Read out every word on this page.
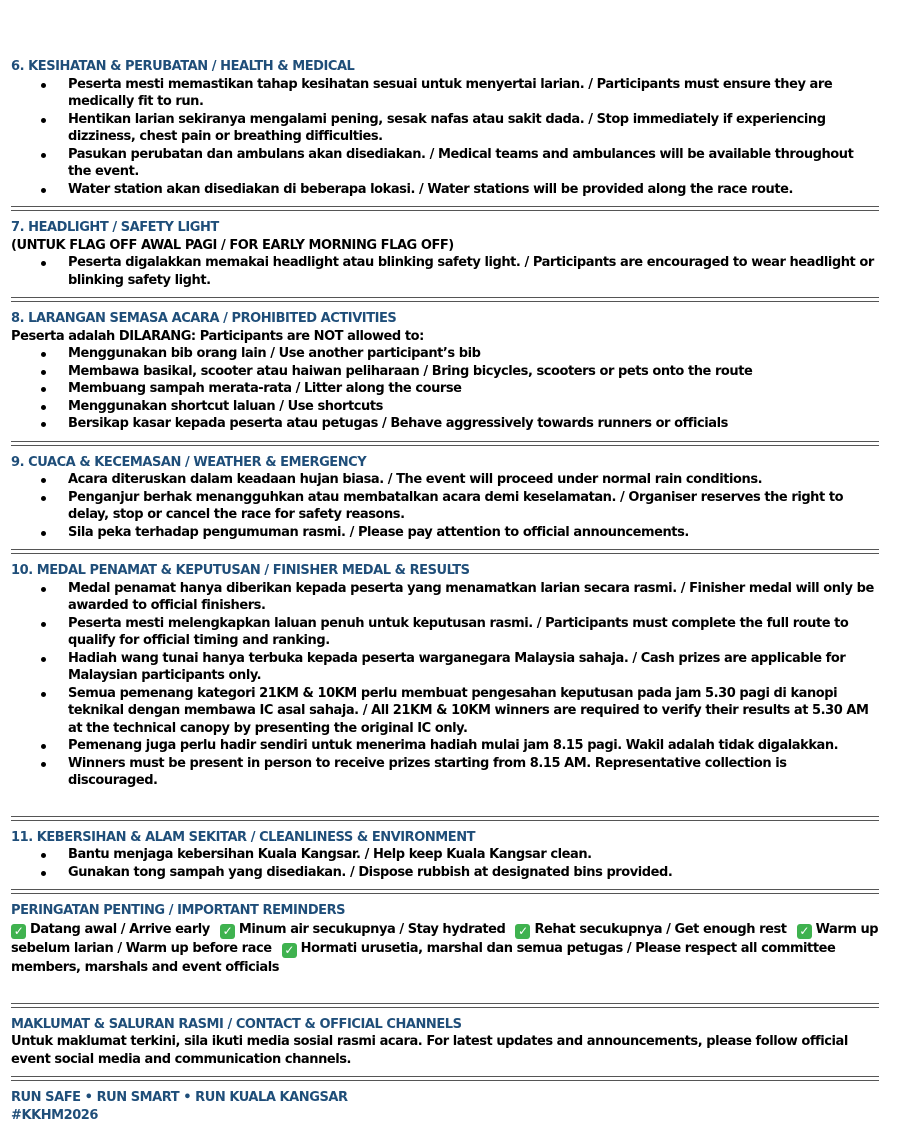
6. KESIHATAN & PERUBATAN / HEALTH & MEDICAL
Peserta mesti memastikan tahap kesihatan sesuai untuk menyertai larian. / Participants must ensure they are medically fit to run.
Hentikan larian sekiranya mengalami pening, sesak nafas atau sakit dada. / Stop immediately if experiencing dizziness, chest pain or breathing difficulties.
Pasukan perubatan dan ambulans akan disediakan. / Medical teams and ambulances will be available throughout the event.
Water station akan disediakan di beberapa lokasi. / Water stations will be provided along the race route.
7. HEADLIGHT / SAFETY LIGHT
(UNTUK FLAG OFF AWAL PAGI / FOR EARLY MORNING FLAG OFF)
Peserta digalakkan memakai headlight atau blinking safety light. / Participants are encouraged to wear headlight or blinking safety light.
8. LARANGAN SEMASA ACARA / PROHIBITED ACTIVITIES
Peserta adalah DILARANG: Participants are NOT allowed to:
Menggunakan bib orang lain / Use another participant’s bib
Membawa basikal, scooter atau haiwan peliharaan / Bring bicycles, scooters or pets onto the route
Membuang sampah merata-rata / Litter along the course
Menggunakan shortcut laluan / Use shortcuts
Bersikap kasar kepada peserta atau petugas / Behave aggressively towards runners or officials
9. CUACA & KECEMASAN / WEATHER & EMERGENCY
Acara diteruskan dalam keadaan hujan biasa. / The event will proceed under normal rain conditions.
Penganjur berhak menangguhkan atau membatalkan acara demi keselamatan. / Organiser reserves the right to delay, stop or cancel the race for safety reasons.
Sila peka terhadap pengumuman rasmi. / Please pay attention to official announcements.
10. MEDAL PENAMAT & KEPUTUSAN / FINISHER MEDAL & RESULTS
Medal penamat hanya diberikan kepada peserta yang menamatkan larian secara rasmi. / Finisher medal will only be awarded to official finishers.
Peserta mesti melengkapkan laluan penuh untuk keputusan rasmi. / Participants must complete the full route to qualify for official timing and ranking.
Hadiah wang tunai hanya terbuka kepada peserta warganegara Malaysia sahaja. / Cash prizes are applicable for Malaysian participants only.
Semua pemenang kategori 21KM & 10KM perlu membuat pengesahan keputusan pada jam 5.30 pagi di kanopi teknikal dengan membawa IC asal sahaja. / All 21KM & 10KM winners are required to verify their results at 5.30 AM at the technical canopy by presenting the original IC only.
Pemenang juga perlu hadir sendiri untuk menerima hadiah mulai jam 8.15 pagi. Wakil adalah tidak digalakkan.
Winners must be present in person to receive prizes starting from 8.15 AM. Representative collection is discouraged.
11. KEBERSIHAN & ALAM SEKITAR / CLEANLINESS & ENVIRONMENT
Bantu menjaga kebersihan Kuala Kangsar. / Help keep Kuala Kangsar clean.
Gunakan tong sampah yang disediakan. / Dispose rubbish at designated bins provided.
PERINGATAN PENTING / IMPORTANT REMINDERS
✓ Datang awal / Arrive early ✓ Minum air secukupnya / Stay hydrated ✓ Rehat secukupnya / Get enough rest ✓ Warm up sebelum larian / Warm up before race ✓ Hormati urusetia, marshal dan semua petugas / Please respect all committee members, marshals and event officials
MAKLUMAT & SALURAN RASMI / CONTACT & OFFICIAL CHANNELS
Untuk maklumat terkini, sila ikuti media sosial rasmi acara. For latest updates and announcements, please follow official event social media and communication channels.
RUN SAFE • RUN SMART • RUN KUALA KANGSAR
#KKHM2026
